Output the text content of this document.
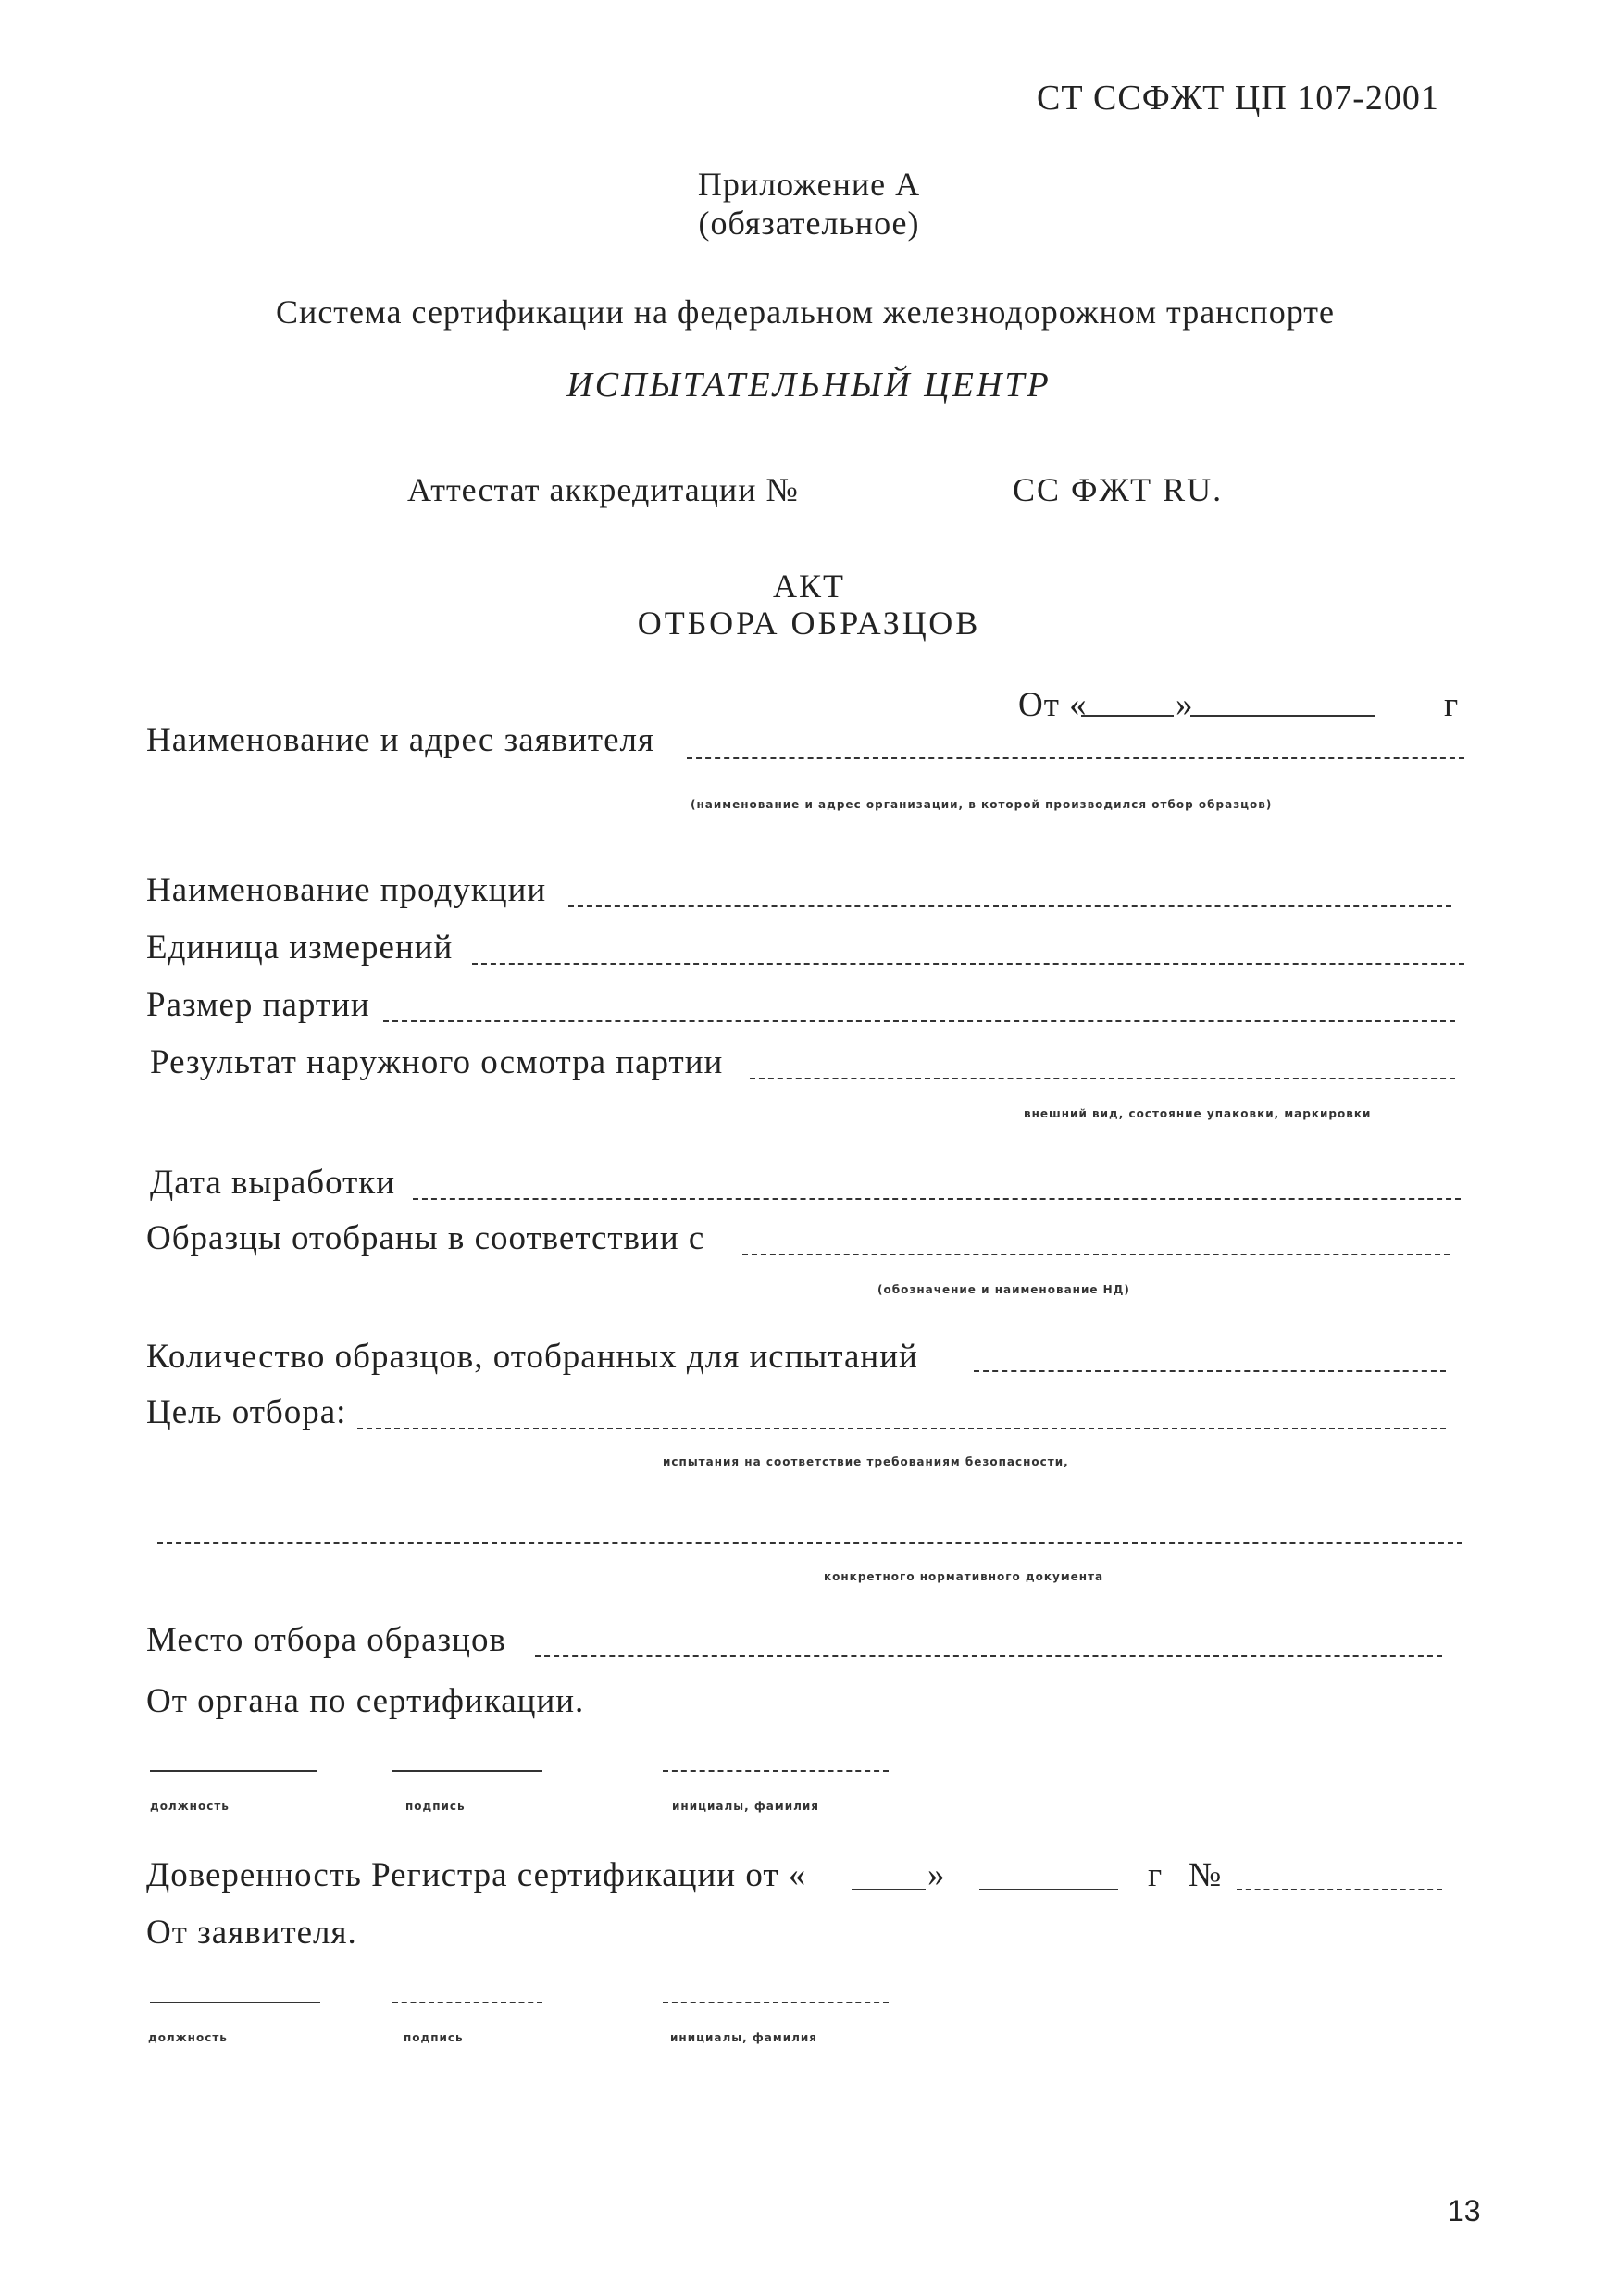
СТ ССФЖТ ЦП 107-2001
Приложение А
(обязательное)
Система сертификации на федеральном железнодорожном транспорте
ИСПЫТАТЕЛЬНЫЙ ЦЕНТР
Аттестат аккредитации №	СС ФЖТ RU.
АКТ
ОТБОРА ОБРАЗЦОВ
От «	»	г
Наименование и адрес заявителя
(наименование и адрес организации, в которой производился отбор образцов)
Наименование продукции
Единица измерений
Размер партии
Результат наружного осмотра партии
внешний вид, состояние упаковки, маркировки
Дата выработки
Образцы отобраны в соответствии с
(обозначение и наименование НД)
Количество образцов, отобранных для испытаний
Цель отбора:
испытания на соответствие требованиям безопасности,
конкретного нормативного документа
Место отбора образцов
От органа по сертификации.
должность	подпись	инициалы, фамилия
Доверенность Регистра сертификации от «	»	г №
От заявителя.
должность	подпись	инициалы, фамилия
13
